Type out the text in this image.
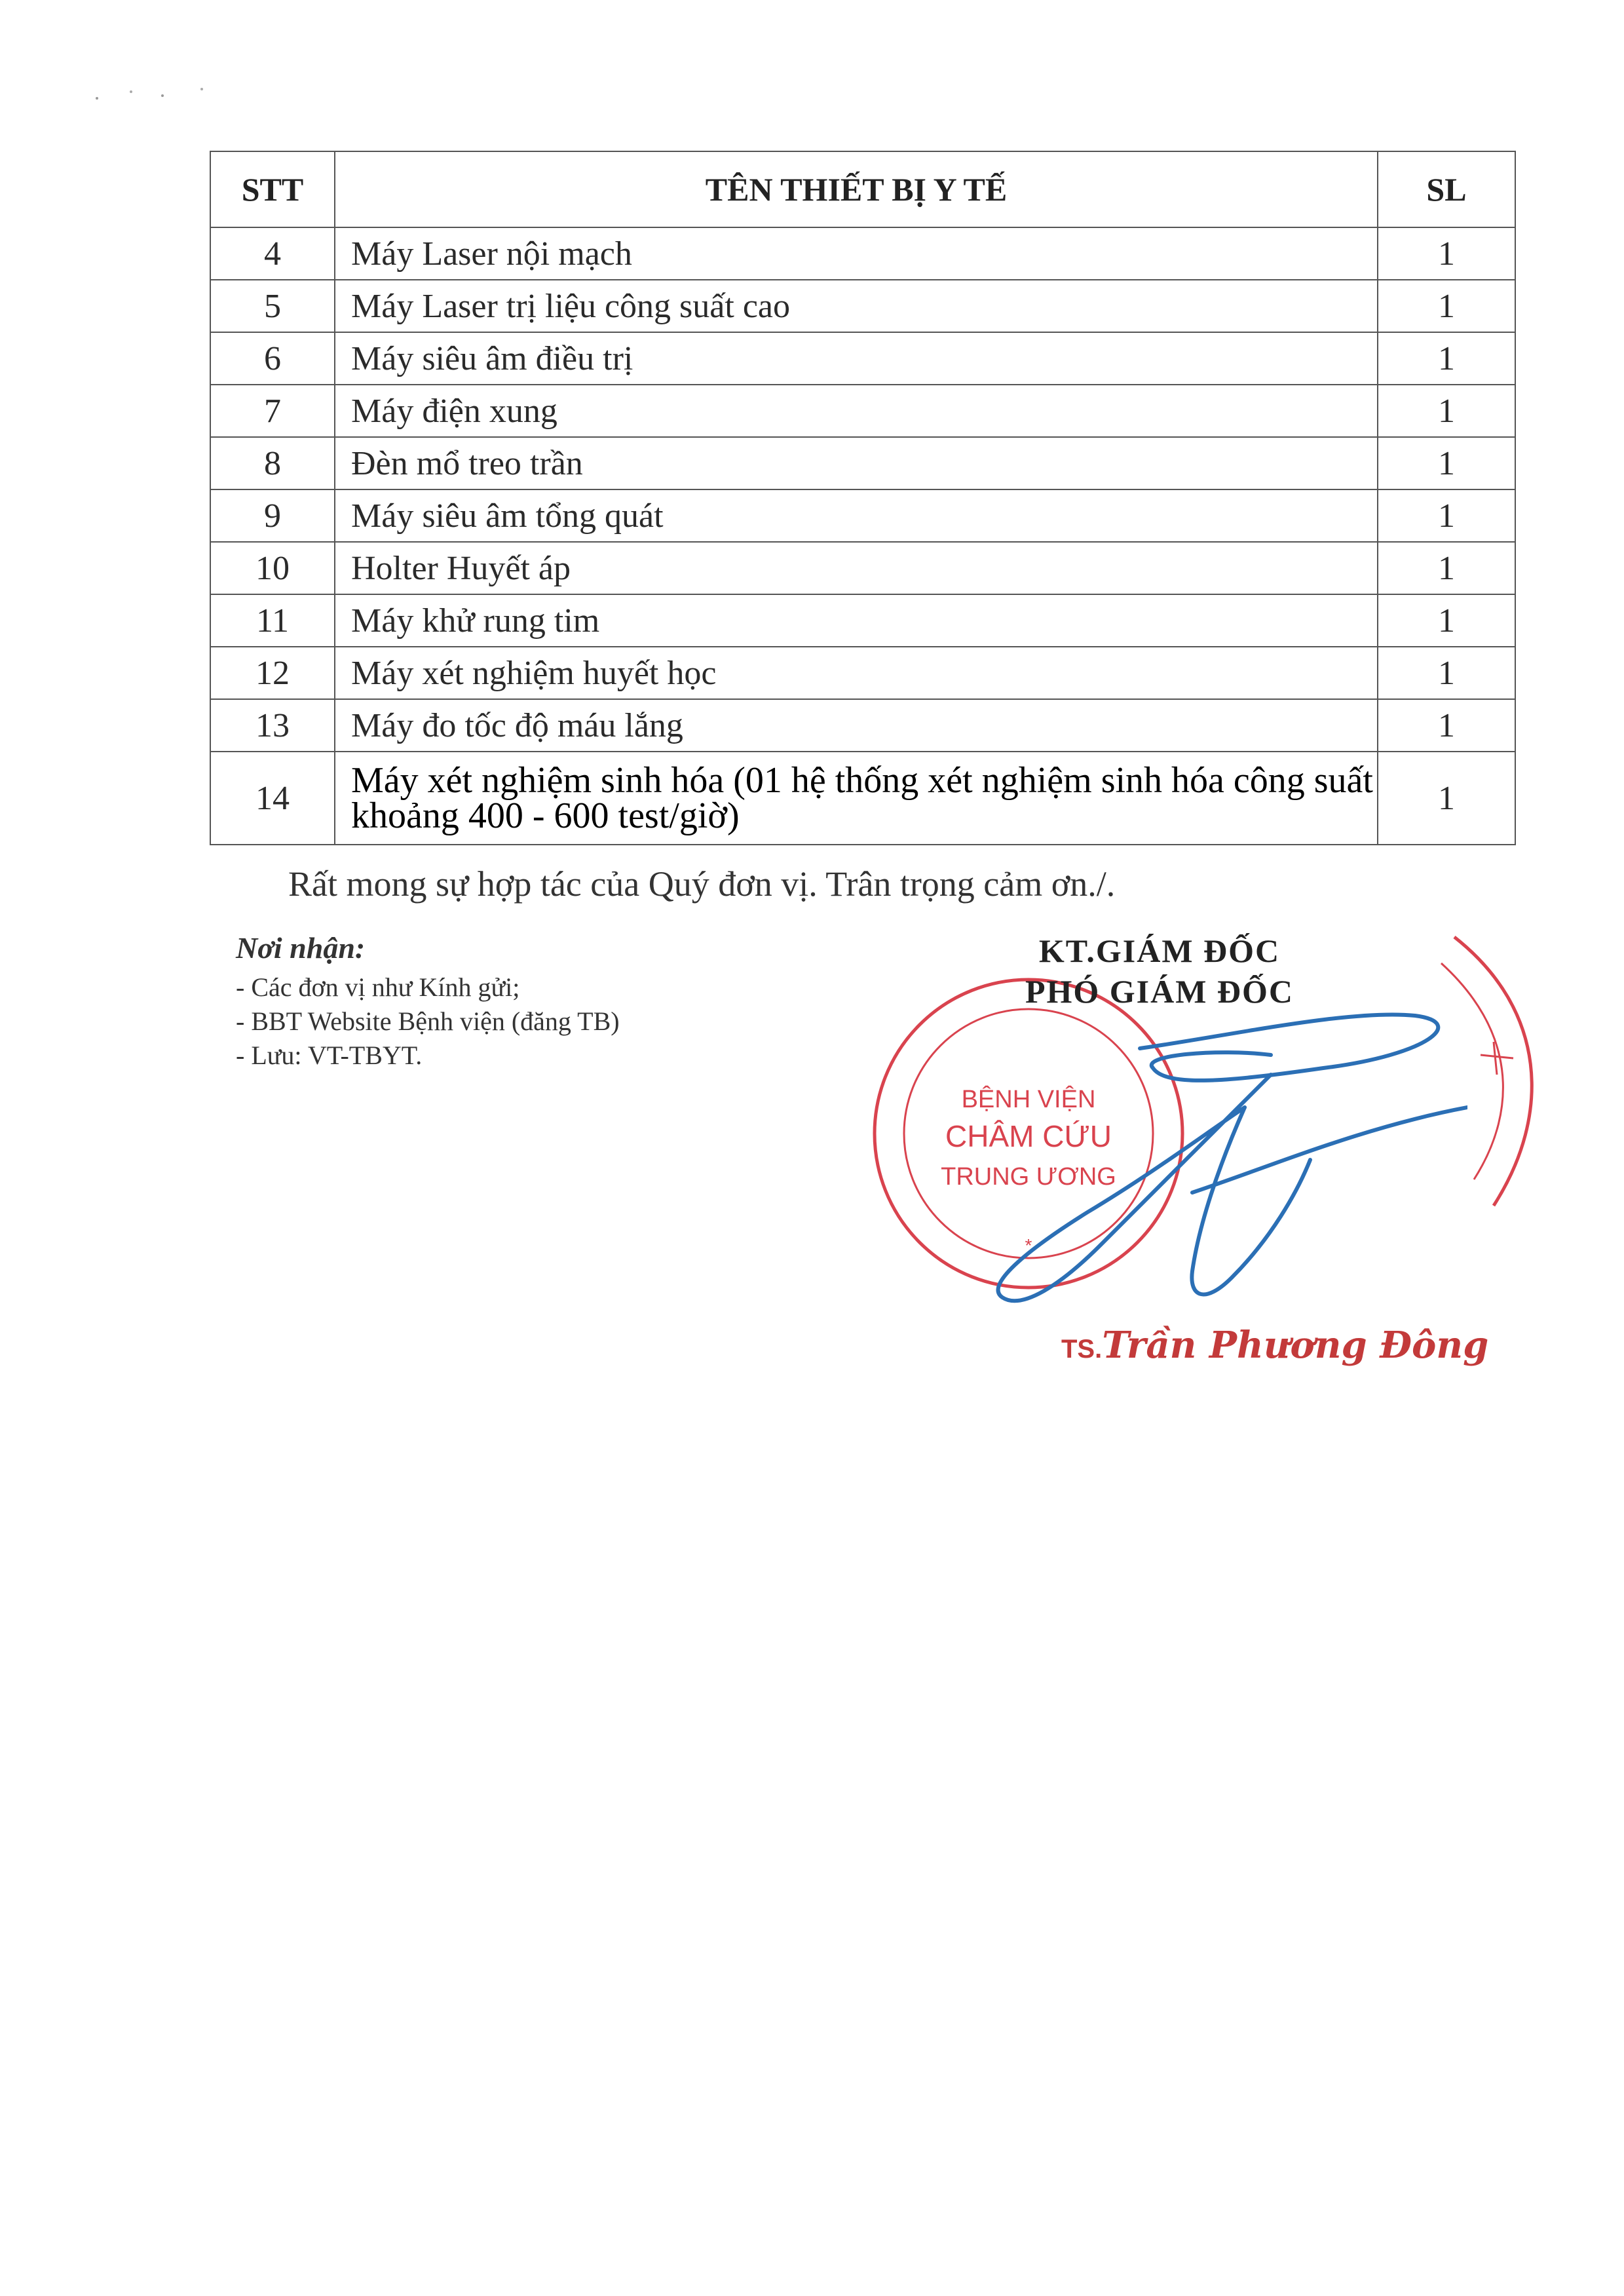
STT	TÊN THIẾT BỊ Y TẾ	SL
4	Máy Laser nội mạch	1
5	Máy Laser trị liệu công suất cao	1
6	Máy siêu âm điều trị	1
7	Máy điện xung	1
8	Đèn mổ treo trần	1
9	Máy siêu âm tổng quát	1
10	Holter Huyết áp	1
11	Máy khử rung tim	1
12	Máy xét nghiệm huyết học	1
13	Máy đo tốc độ máu lắng	1
14	Máy xét nghiệm sinh hóa (01 hệ thống xét nghiệm sinh hóa công suất khoảng 400 - 600 test/giờ)	1
Rất mong sự hợp tác của Quý đơn vị. Trân trọng cảm ơn./.
Nơi nhận:
- Các đơn vị như Kính gửi;
- BBT Website Bệnh viện (đăng TB)
- Lưu: VT-TBYT.
BỆNH VIỆN
CHÂM CỨU
TRUNG ƯƠNG
*
KT.GIÁM ĐỐC
PHÓ GIÁM ĐỐC
TS.Trần Phương Đông
